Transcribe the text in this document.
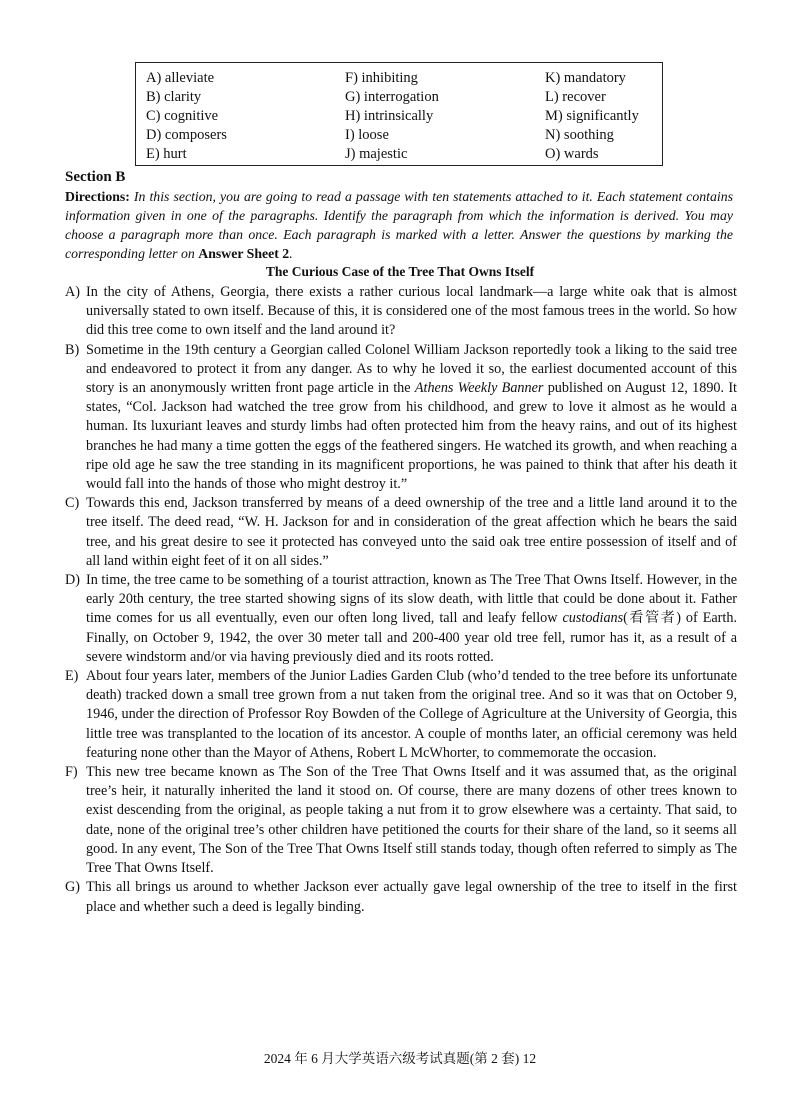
A) alleviate
B) clarity
C) cognitive
D) composers
E) hurt
F) inhibiting
G) interrogation
H) intrinsically
I) loose
J) majestic
K) mandatory
L) recover
M) significantly
N) soothing
O) wards
Section B
Directions: In this section, you are going to read a passage with ten statements attached to it. Each statement contains information given in one of the paragraphs. Identify the paragraph from which the information is derived. You may choose a paragraph more than once. Each paragraph is marked with a letter. Answer the questions by marking the corresponding letter on Answer Sheet 2.
The Curious Case of the Tree That Owns Itself

A) In the city of Athens, Georgia, there exists a rather curious local landmark—a large white oak that is almost universally stated to own itself. Because of this, it is considered one of the most famous trees in the world. So how did this tree come to own itself and the land around it?

B) Sometime in the 19th century a Georgian called Colonel William Jackson reportedly took a liking to the said tree and endeavored to protect it from any danger. As to why he loved it so, the earliest documented account of this story is an anonymously written front page article in the Athens Weekly Banner published on August 12, 1890. It states, “Col. Jackson had watched the tree grow from his childhood, and grew to love it almost as he would a human. Its luxuriant leaves and sturdy limbs had often protected him from the heavy rains, and out of its highest branches he had many a time gotten the eggs of the feathered singers. He watched its growth, and when reaching a ripe old age he saw the tree standing in its magnificent proportions, he was pained to think that after his death it would fall into the hands of those who might destroy it.”

C) Towards this end, Jackson transferred by means of a deed ownership of the tree and a little land around it to the tree itself. The deed read, “W. H. Jackson for and in consideration of the great affection which he bears the said tree, and his great desire to see it protected has conveyed unto the said oak tree entire possession of itself and of all land within eight feet of it on all sides.”

D) In time, the tree came to be something of a tourist attraction, known as The Tree That Owns Itself. However, in the early 20th century, the tree started showing signs of its slow death, with little that could be done about it. Father time comes for us all eventually, even our often long lived, tall and leafy fellow custodians(看管者) of Earth. Finally, on October 9, 1942, the over 30 meter tall and 200-400 year old tree fell, rumor has it, as a result of a severe windstorm and/or via having previously died and its roots rotted.

E) About four years later, members of the Junior Ladies Garden Club (who’d tended to the tree before its unfortunate death) tracked down a small tree grown from a nut taken from the original tree. And so it was that on October 9, 1946, under the direction of Professor Roy Bowden of the College of Agriculture at the University of Georgia, this little tree was transplanted to the location of its ancestor. A couple of months later, an official ceremony was held featuring none other than the Mayor of Athens, Robert L McWhorter, to commemorate the occasion.

F) This new tree became known as The Son of the Tree That Owns Itself and it was assumed that, as the original tree’s heir, it naturally inherited the land it stood on. Of course, there are many dozens of other trees known to exist descending from the original, as people taking a nut from it to grow elsewhere was a certainty. That said, to date, none of the original tree’s other children have petitioned the courts for their share of the land, so it seems all good. In any event, The Son of the Tree That Owns Itself still stands today, though often referred to simply as The Tree That Owns Itself.

G) This all brings us around to whether Jackson ever actually gave legal ownership of the tree to itself in the first place and whether such a deed is legally binding.

2024 年 6 月大学英语六级考试真题(第 2 套) 12
